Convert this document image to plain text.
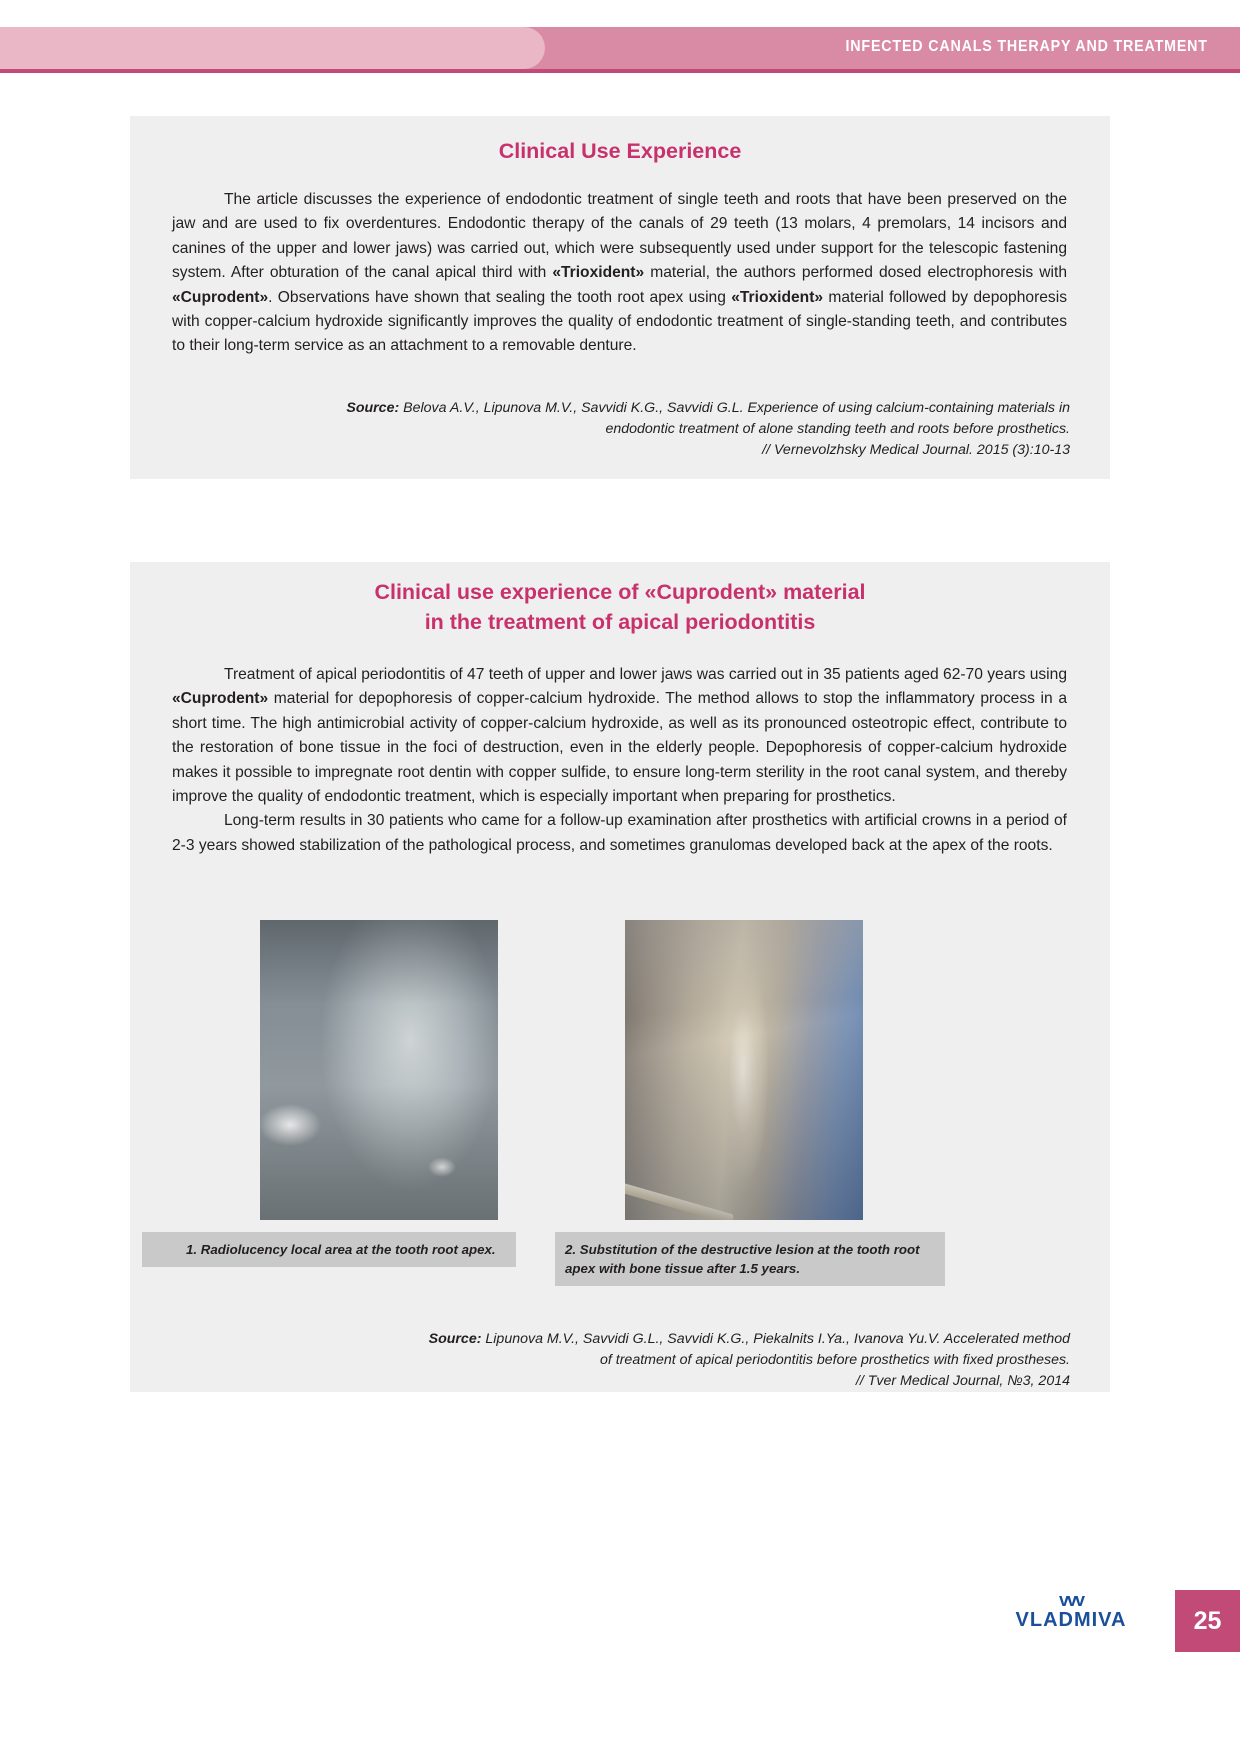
INFECTED CANALS THERAPY AND TREATMENT
Clinical Use Experience
The article discusses the experience of endodontic treatment of single teeth and roots that have been preserved on the jaw and are used to fix overdentures. Endodontic therapy of the canals of 29 teeth (13 molars, 4 premolars, 14 incisors and canines of the upper and lower jaws) was carried out, which were subsequently used under support for the telescopic fastening system. After obturation of the canal apical third with «Trioxident» material, the authors performed dosed electrophoresis with «Cuprodent». Observations have shown that sealing the tooth root apex using «Trioxident» material followed by depophoresis with copper-calcium hydroxide significantly improves the quality of endodontic treatment of single-standing teeth, and contributes to their long-term service as an attachment to a removable denture.
Source: Belova A.V., Lipunova M.V., Savvidi K.G., Savvidi G.L. Experience of using calcium-containing materials in
endodontic treatment of alone standing teeth and roots before prosthetics.
// Vernevolzhsky Medical Journal. 2015 (3):10-13
Clinical use experience of «Cuprodent» material
in the treatment of apical periodontitis
Treatment of apical periodontitis of 47 teeth of upper and lower jaws was carried out in 35 patients aged 62-70 years using «Cuprodent» material for depophoresis of copper-calcium hydroxide. The method allows to stop the inflammatory process in a short time. The high antimicrobial activity of copper-calcium hydroxide, as well as its pronounced osteotropic effect, contribute to the restoration of bone tissue in the foci of destruction, even in the elderly people. Depophoresis of copper-calcium hydroxide makes it possible to impregnate root dentin with copper sulfide, to ensure long-term sterility in the root canal system, and thereby improve the quality of endodontic treatment, which is especially important when preparing for prosthetics.
Long-term results in 30 patients who came for a follow-up examination after prosthetics with artificial crowns in a period of 2-3 years showed stabilization of the pathological process, and sometimes granulomas developed back at the apex of the roots.
1. Radiolucency local area at the tooth root apex.	2. Substitution of the destructive lesion at the tooth root apex with bone tissue after 1.5 years.
Source: Lipunova M.V., Savvidi G.L., Savvidi K.G., Piekalnits I.Ya., Ivanova Yu.V. Accelerated method
of treatment of apical periodontitis before prosthetics with fixed prostheses.
// Tver Medical Journal, №3, 2014
vvv
VLADMIVA	25
